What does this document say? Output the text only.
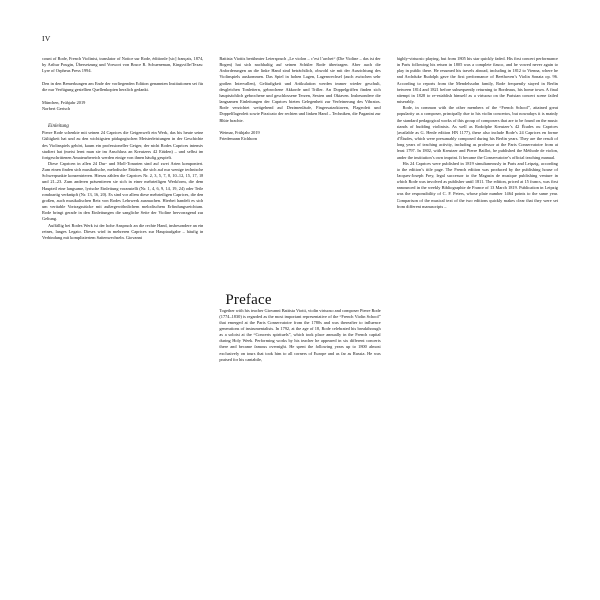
IV

count of Rode, French Violinist, translator of Notice sur Rode, éditionle [sic] français, 1874, by Arthur Pougin, Übersetzung und Vorwort von Bruce R. Schueneman, Kingsville/Texas: Lyre of Orpheus Press 1994.

Den in den Bemerkungen am Ende der vorliegenden Edition genannten Institutionen sei für die nur Verfügung gestellten Quellenkopien herzlich gedankt.

München, Frühjahr 2019

Norbert Gertsch

Einleitung

Pierre Rode schenkte mit seinen 24 Caprices die Geigenwelt ein Werk, das bis heute seine Gültigkeit hat und zu den wichtigsten pädagogischen Meisterleistungen in der Geschichte des Violinspiels gehört, kaum ein professioneller Geiger, der nicht Rodes Caprices intensiv studiert hat (meist lernt man sie im Anschluss an Kreutzers 42 Etüden) – und selbst im fortgeschrittenen Amateurbereich werden einige von ihnen häufig gespielt.

Diese Capricen in allen 24 Dur- und Moll-Tonarten sind auf zwei Arten komponiert. Zum einen finden sich musikalische, melodische Etüden, die sich auf nur wenige technische Schwerpunkte konzentrieren. Hierzu zählen die Caprices Nr. 2, 3, 5, 7, 8, 10–12, 15, 17, 18 und 21–23. Zum anderen präsentieren sie sich in einer mehrteiligen Werkform, die dem Haupteil eine langsame, lyrische Einleitung voranstellt (Nr. 1, 4, 6, 9, 14, 19, 24) oder Teile rondoartig verknüpft (Nr. 13, 16, 20). Es sind vor allem diese mehrteiligen Caprices, die den großen, auch musikalischen Reiz von Rodes Lehrwerk ausmachen. Hierbei handelt es sich um veritable Vortragsstücke mit außergewöhnlichem melodischem Erfindungsreichtum. Rode bringt gerade in den Einleitungen die sangliche Seite der Violine hervorragend zur Geltung.

Auffällig bei Rodes Werk ist der hohe Anspruch an die rechte Hand, insbesondere an ein reines, langes Legato. Dieses wird in mehreren Caprices zur Hauptaufgabe – häufig in Verbindung mit kompliziertem Saitenwechseln. Giovanni

Battista Viottis berühmter Leierspruch „Le violon – c’est l’archet“ (Die Violine – das ist der Bogen) hat sich nachhaltig auf seinen Schüler Rode übertragen. Aber auch die Anforderungen an die linke Hand sind beträchtlich, obwohl sie mit der Ausrichtung des Violinspiels auskommen. Das Spiel in hohen Lagen, Lagenwechsel (auch zwischen sehr großen Intervallen), Geläufigkeit und Artikulation werden immer wieder geschult, desgleichen Tonleitern, gebrochene Akkorde und Triller. An Doppelgriffen finden sich hauptsächlich gebrochene und geschlossene Terzen, Sexten und Oktaven. Insbesondere die langsamen Einleitungen der Caprices bieten Gelegenheit zur Verfeinerung des Vibratos. Rode verzichtet weitgehend auf Dezimenläufe, Fingersatzoktaven, Flageolett und Doppelflageolett sowie Pizzicato der rechten und linken Hand – Techniken, die Paganini zur Blüte brachte.

Weimar, Frühjahr 2019

Friedemann Eichhorn

Preface

Together with his teacher Giovanni Battista Viotti, violin virtuoso and composer Pierre Rode (1774–1830) is regarded as the most important representative of the “French Violin School” that emerged at the Paris Conservatoire from the 1780s and was thereafter to influence generations of instrumentalists. In 1792, at the age of 18, Rode celebrated his breakthrough as a soloist at the “Concerts spirituels”, which took place annually in the French capital during Holy Week. Performing works by his teacher he appeared in six different concerts there and became famous overnight. He spent the following years up to 1800 almost exclusively on tours that took him to all corners of Europe and as far as Russia. He was praised for his cantabile,

highly-virtuosic playing, but from 1805 his star quickly faded. His first concert performance in Paris following his return in 1805 was a complete fiasco, and he vowed never again to play in public there. He resumed his travels abroad, including in 1812 to Vienna, where he and Archduke Rudolph gave the first performance of Beethoven’s Violin Sonata op. 96. According to reports from the Mendelssohn family, Rode frequently stayed in Berlin between 1814 and 1821 before subsequently returning to Bordeaux, his home town. A final attempt in 1828 to re-establish himself as a virtuoso on the Parisian concert scene failed miserably.

Rode, in common with the other members of the “French School”, attained great popularity as a composer, principally due to his violin concertos, but nowadays it is mainly the standard pedagogical works of this group of composers that are to be found on the music stands of budding violinists. As well as Rodolphe Kreutzer’s 42 Études ou Caprices (available as G. Henle edition HN 1177), these also include Rode’s 24 Caprices en forme d’Études, which were presumably composed during his Berlin years. They are the result of long years of teaching activity, including as professor at the Paris Conservatoire from at least 1797. In 1802, with Kreutzer and Pierre Baillot, he published the Méthode de violon, under the institution’s own imprint. It became the Conservatoire’s official teaching manual.

His 24 Caprices were published in 1819 simultaneously in Paris and Leipzig, according to the edition’s title page. The French edition was produced by the publishing house of Jacques-Joseph Frey, legal successor to the Magasin de musique publishing venture in which Rode was involved as publisher until 1811. The edition, priced at 15 francs, was first announced in the weekly Bibliographie de France of 13 March 1819. Publication in Leipzig was the responsibility of C. F. Peters, whose plate number 1464 points to the same year. Comparison of the musical text of the two editions quickly makes clear that they were set from different manuscripts –
